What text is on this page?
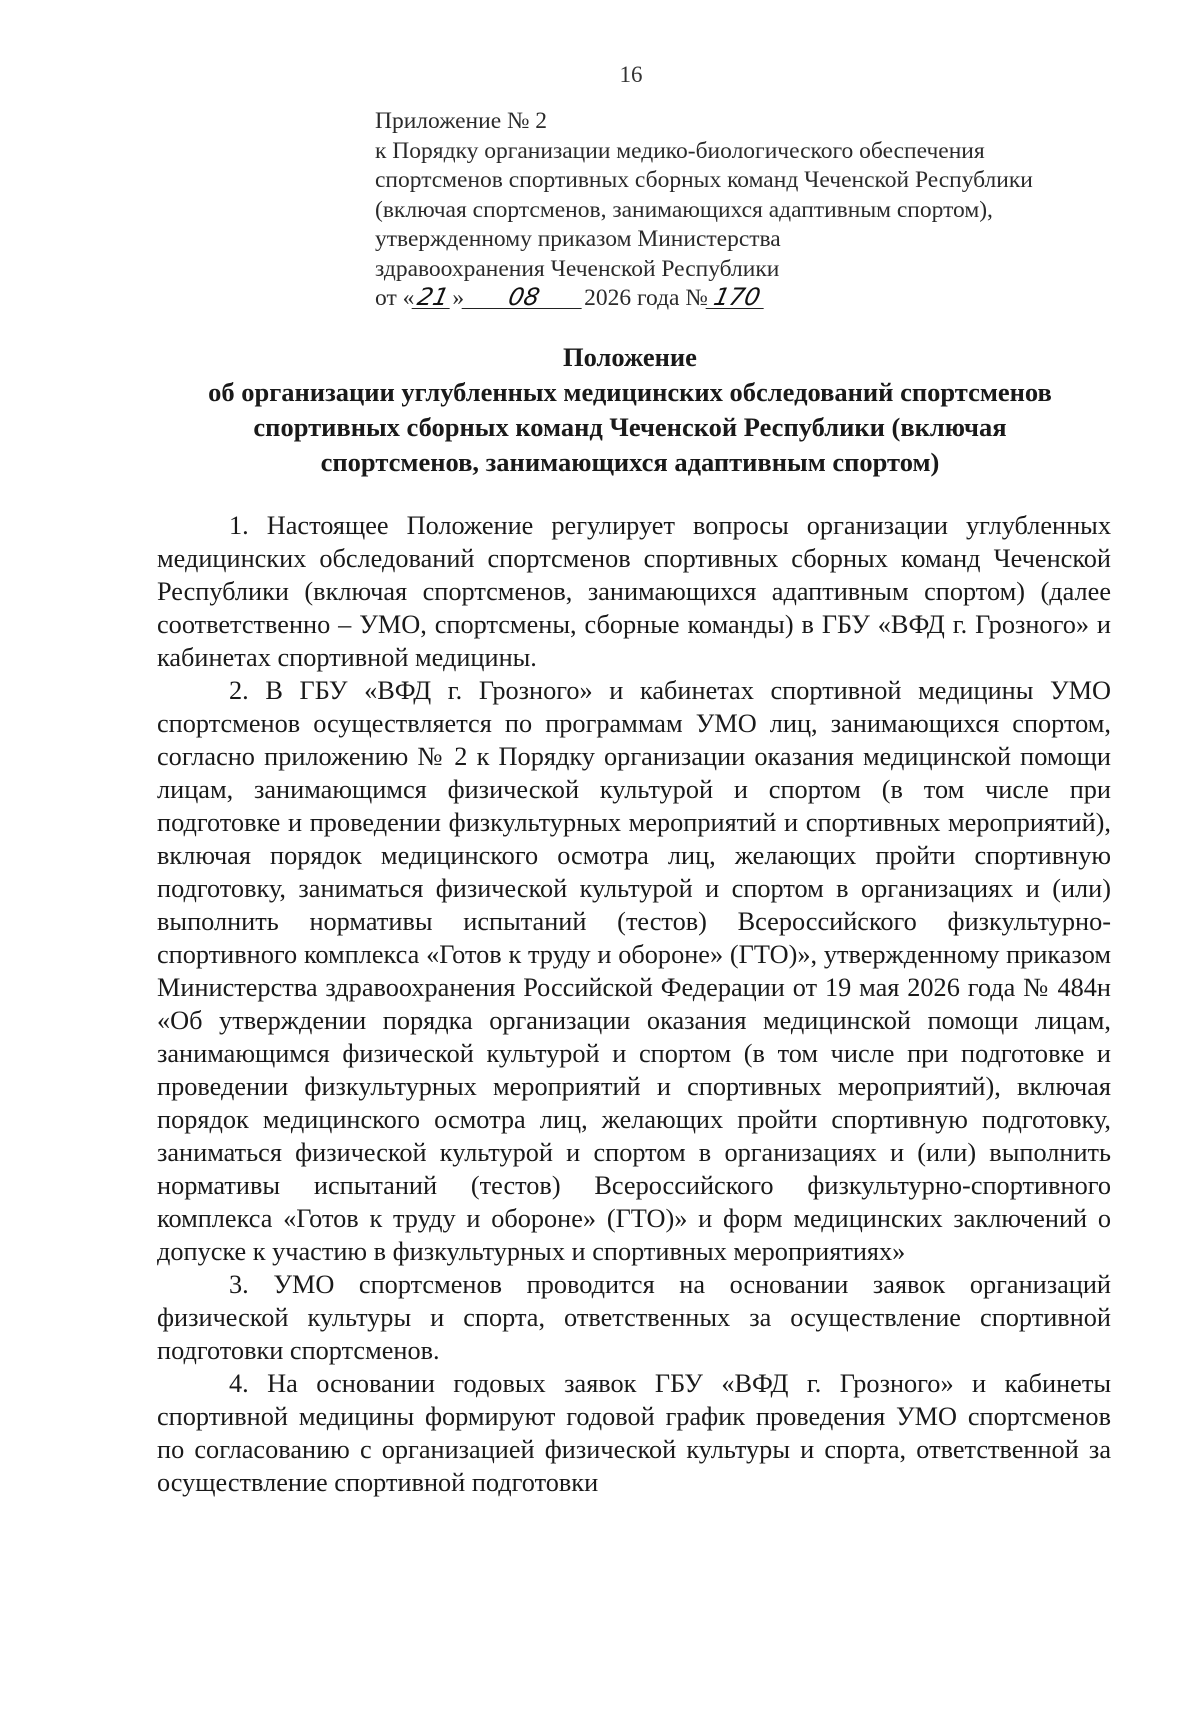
16
Приложение № 2
к Порядку организации медико-биологического обеспечения
спортсменов спортивных сборных команд Чеченской Республики
(включая спортсменов, занимающихся адаптивным спортом),
утвержденному приказом Министерства
здравоохранения Чеченской Республики
от «21» 08 2026 года № 170
Положение
об организации углубленных медицинских обследований спортсменов
спортивных сборных команд Чеченской Республики (включая
спортсменов, занимающихся адаптивным спортом)

1. Настоящее Положение регулирует вопросы организации углубленных медицинских обследований спортсменов спортивных сборных команд Чеченской Республики (включая спортсменов, занимающихся адаптивным спортом) (далее соответственно – УМО, спортсмены, сборные команды) в ГБУ «ВФД г. Грозного» и кабинетах спортивной медицины.

2. В ГБУ «ВФД г. Грозного» и кабинетах спортивной медицины УМО спортсменов осуществляется по программам УМО лиц, занимающихся спортом, согласно приложению № 2 к Порядку организации оказания медицинской помощи лицам, занимающимся физической культурой и спортом (в том числе при подготовке и проведении физкультурных мероприятий и спортивных мероприятий), включая порядок медицинского осмотра лиц, желающих пройти спортивную подготовку, заниматься физической культурой и спортом в организациях и (или) выполнить нормативы испытаний (тестов) Всероссийского физкультурно-спортивного комплекса «Готов к труду и обороне» (ГТО)», утвержденному приказом Министерства здравоохранения Российской Федерации от 19 мая 2026 года № 484н «Об утверждении порядка организации оказания медицинской помощи лицам, занимающимся физической культурой и спортом (в том числе при подготовке и проведении физкультурных мероприятий и спортивных мероприятий), включая порядок медицинского осмотра лиц, желающих пройти спортивную подготовку, заниматься физической культурой и спортом в организациях и (или) выполнить нормативы испытаний (тестов) Всероссийского физкультурно-спортивного комплекса «Готов к труду и обороне» (ГТО)» и форм медицинских заключений о допуске к участию в физкультурных и спортивных мероприятиях»

3. УМО спортсменов проводится на основании заявок организаций физической культуры и спорта, ответственных за осуществление спортивной подготовки спортсменов.

4. На основании годовых заявок ГБУ «ВФД г. Грозного» и кабинеты спортивной медицины формируют годовой график проведения УМО спортсменов по согласованию с организацией физической культуры и спорта, ответственной за осуществление спортивной подготовки
